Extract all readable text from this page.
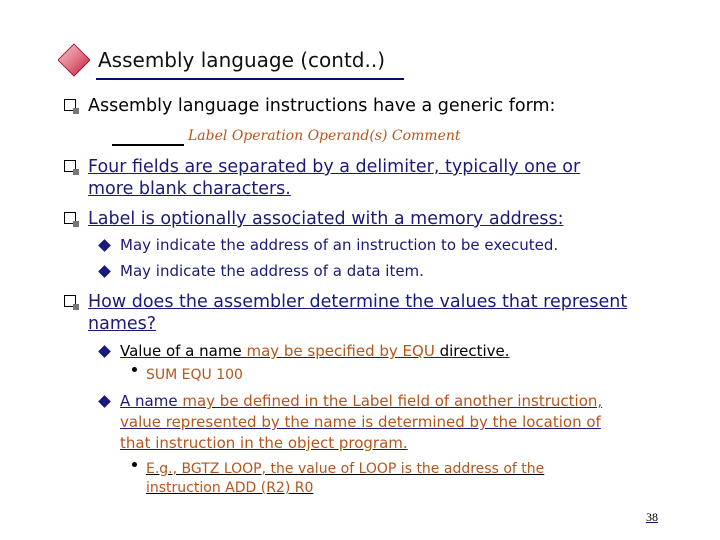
Assembly language (contd..)
Assembly language instructions have a generic form:
Label Operation Operand(s) Comment
Four fields are separated by a delimiter, typically one or
more blank characters.
Label is optionally associated with a memory address:
May indicate the address of an instruction to be executed.
May indicate the address of a data item.
How does the assembler determine the values that represent
names?
Value of a name may be specified by EQU directive.
SUM EQU 100
A name may be defined in the Label field of another instruction,
value represented by the name is determined by the location of
that instruction in the object program.
E.g., BGTZ LOOP, the value of LOOP is the address of the
instruction ADD (R2) R0
38
